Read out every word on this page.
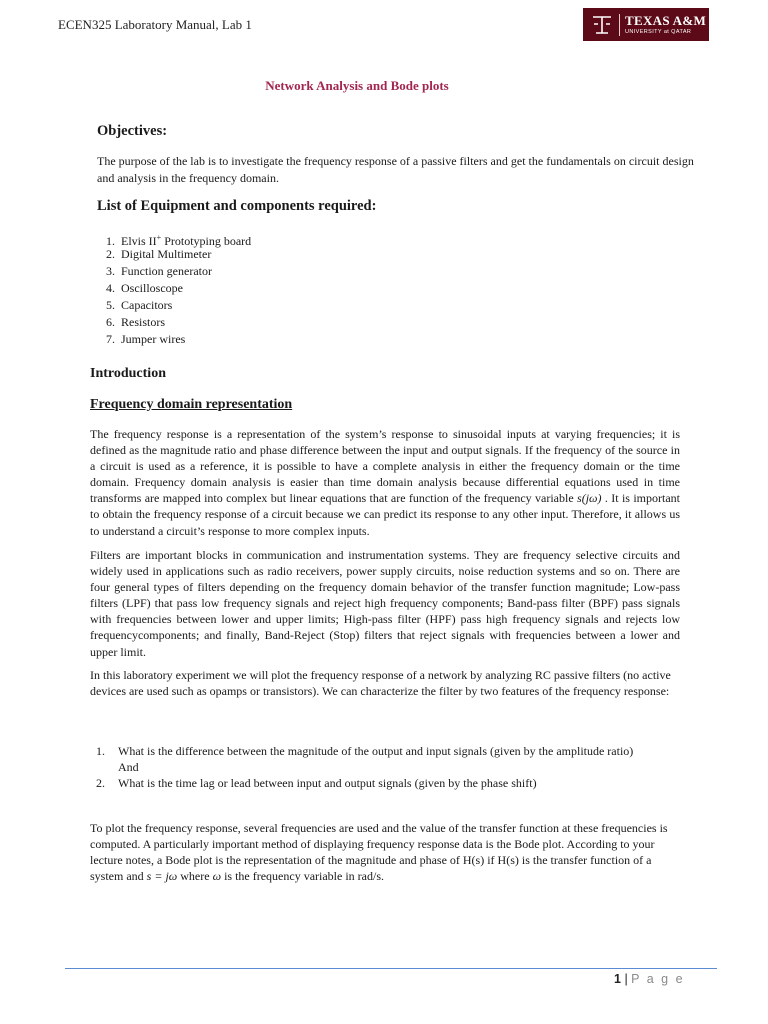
ECEN325 Laboratory Manual, Lab 1	TEXAS A&M
UNIVERSITY at QATAR
Network Analysis and Bode plots
Objectives:
The purpose of the lab is to investigate the frequency response of a passive filters and get the fundamentals on circuit design and analysis in the frequency domain.
List of Equipment and components required:
1. Elvis II+ Prototyping board
2. Digital Multimeter
3. Function generator
4. Oscilloscope
5. Capacitors
6. Resistors
7. Jumper wires
Introduction
Frequency domain representation
The frequency response is a representation of the system’s response to sinusoidal inputs at varying frequencies; it is defined as the magnitude ratio and phase difference between the input and output signals. If the frequency of the source in a circuit is used as a reference, it is possible to have a complete analysis in either the frequency domain or the time domain. Frequency domain analysis is easier than time domain analysis because differential equations used in time transforms are mapped into complex but linear equations that are function of the frequency variable s(jω) . It is important to obtain the frequency response of a circuit because we can predict its response to any other input. Therefore, it allows us to understand a circuit’s response to more complex inputs.
Filters are important blocks in communication and instrumentation systems. They are frequency selective circuits and widely used in applications such as radio receivers, power supply circuits, noise reduction systems and so on. There are four general types of filters depending on the frequency domain behavior of the transfer function magnitude; Low-pass filters (LPF) that pass low frequency signals and reject high frequency components; Band-pass filter (BPF) pass signals with frequencies between lower and upper limits; High-pass filter (HPF) pass high frequency signals and rejects low frequencycomponents; and finally, Band-Reject (Stop) filters that reject signals with frequencies between a lower and upper limit.
In this laboratory experiment we will plot the frequency response of a network by analyzing RC passive filters (no active devices are used such as opamps or transistors). We can characterize the filter by two features of the frequency response:
1. What is the difference between the magnitude of the output and input signals (given by the amplitude ratio)
And
2. What is the time lag or lead between input and output signals (given by the phase shift)
To plot the frequency response, several frequencies are used and the value of the transfer function at these frequencies is computed. A particularly important method of displaying frequency response data is the Bode plot. According to your lecture notes, a Bode plot is the representation of the magnitude and phase of H(s) if H(s) is the transfer function of a system and s = jω where ω is the frequency variable in rad/s.
1 | P a g e
